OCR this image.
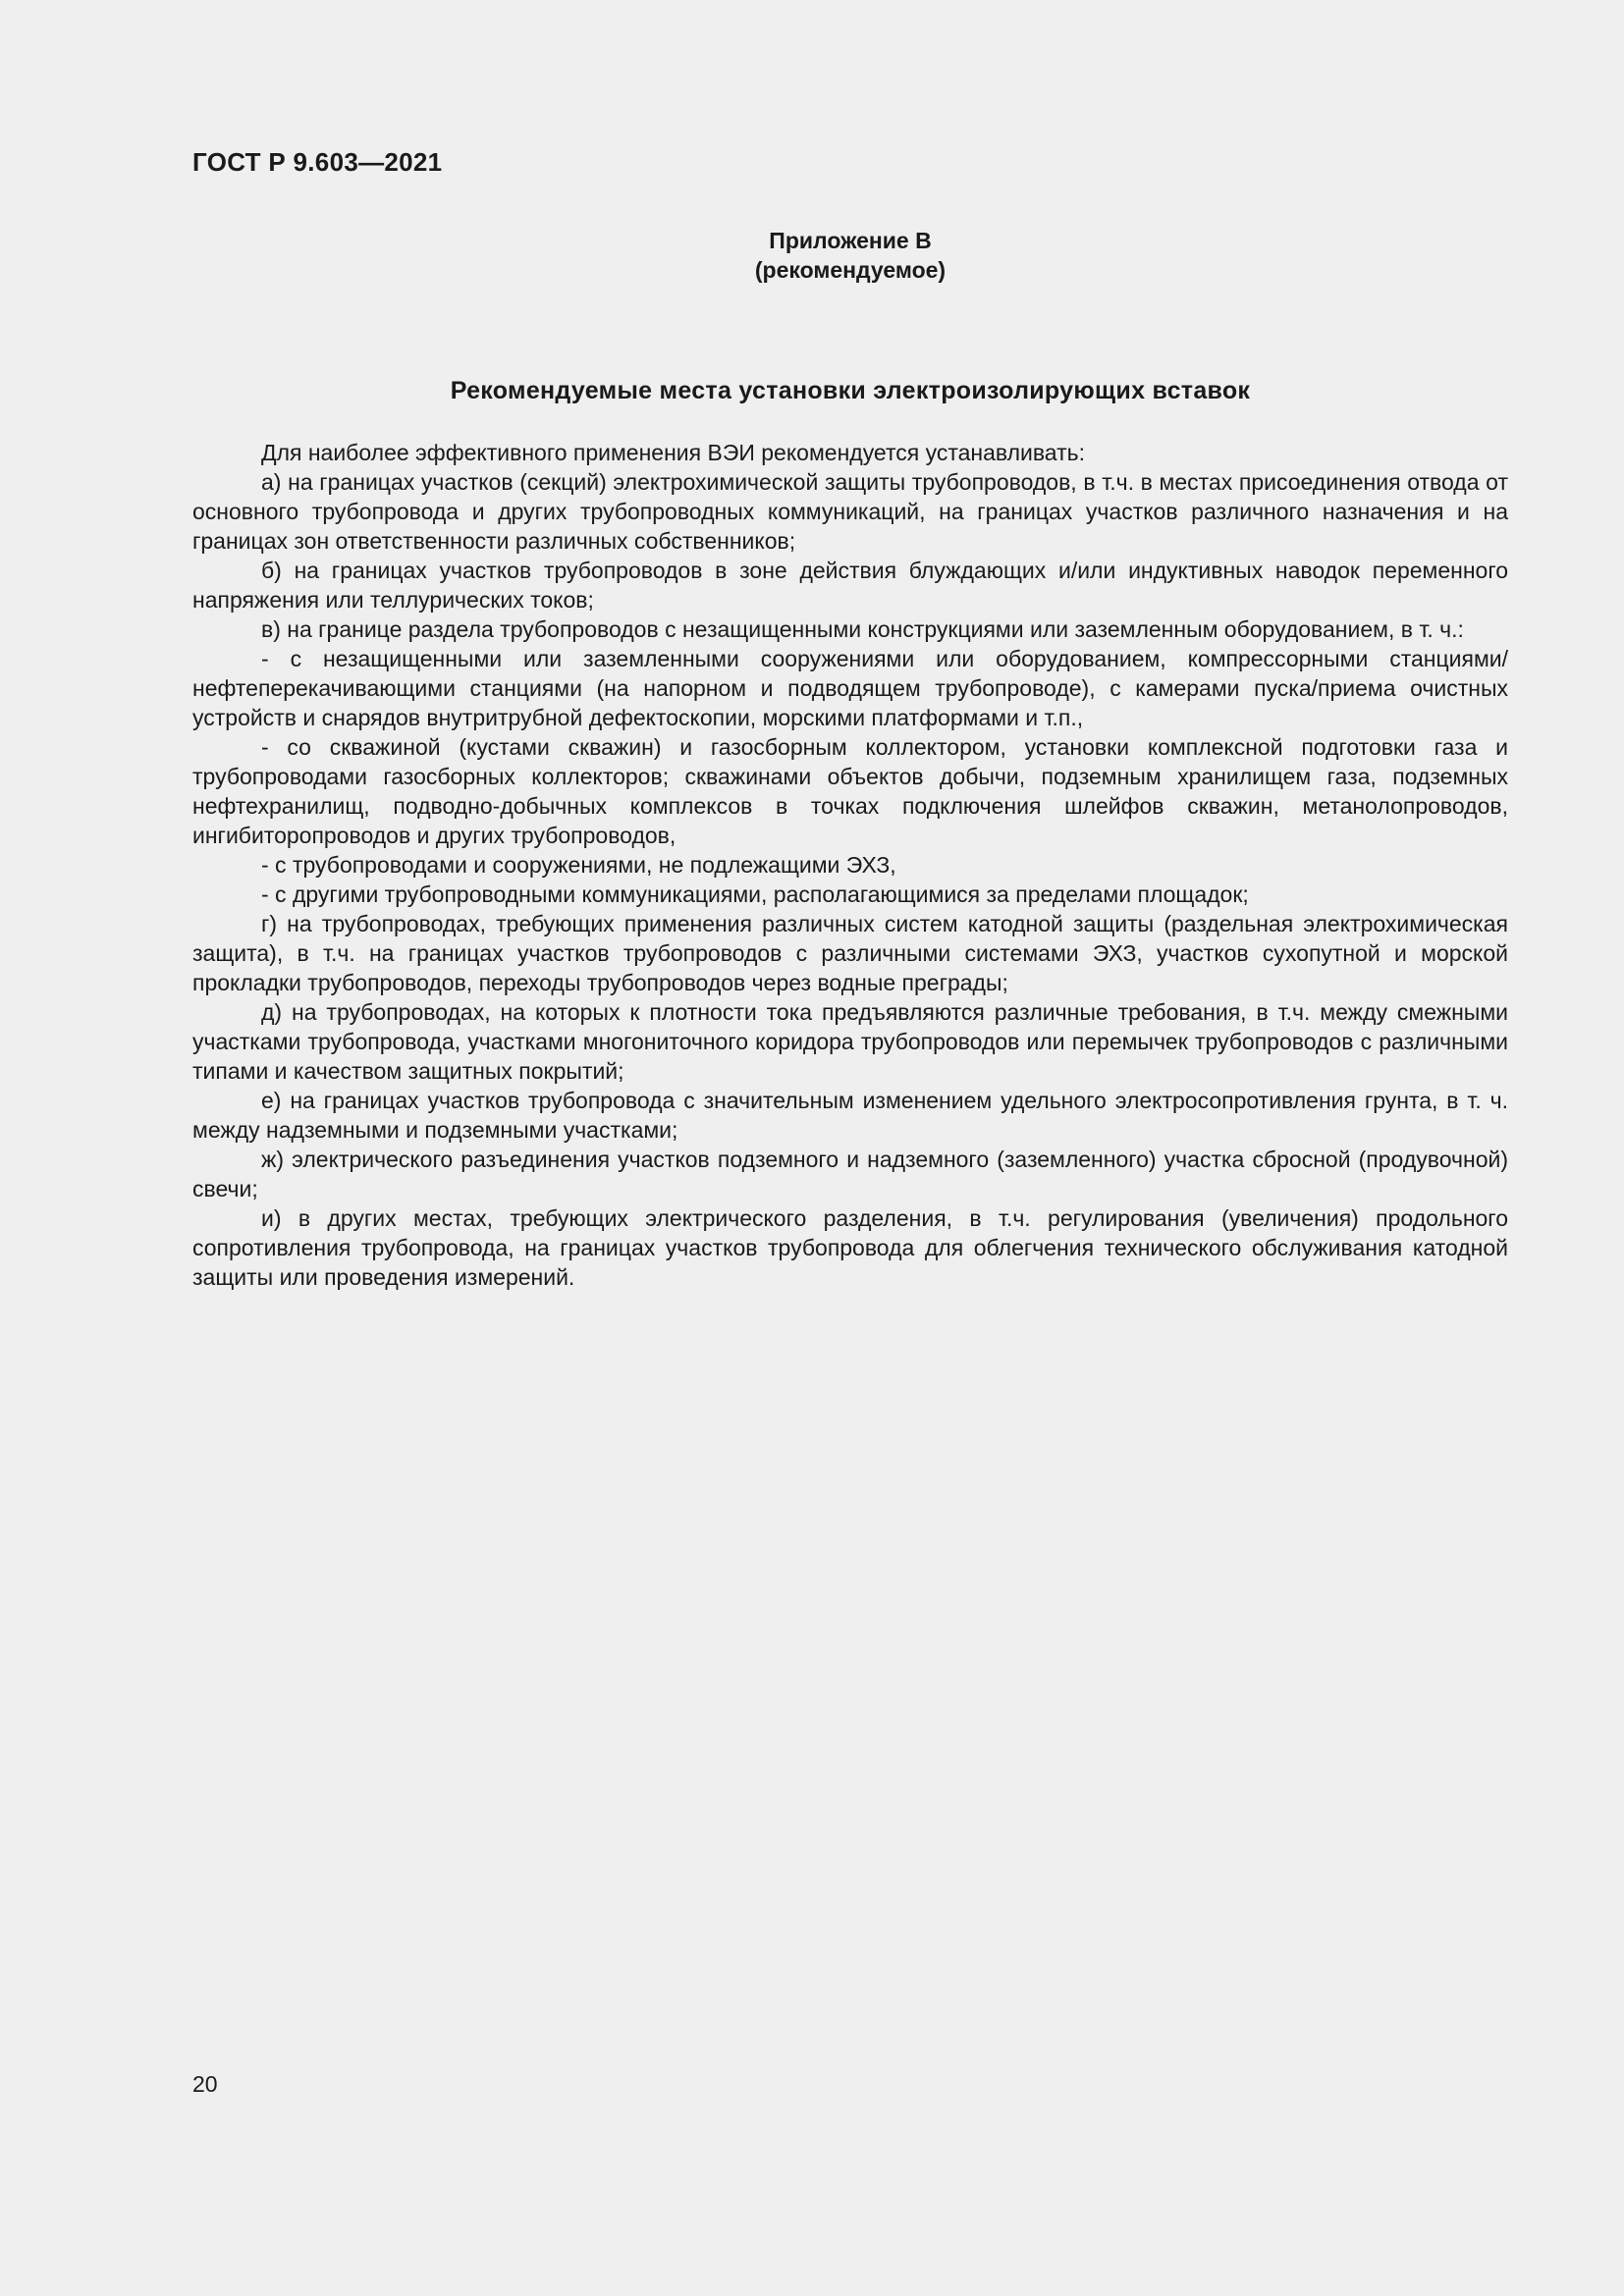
ГОСТ Р 9.603—2021
Приложение В
(рекомендуемое)
Рекомендуемые места установки электроизолирующих вставок

Для наиболее эффективного применения ВЭИ рекомендуется устанавливать:

а) на границах участков (секций) электрохимической защиты трубопроводов, в т.ч. в местах присоединения отвода от основного трубопровода и других трубопроводных коммуникаций, на границах участков различного назначения и на границах зон ответственности различных собственников;

б) на границах участков трубопроводов в зоне действия блуждающих и/или индуктивных наводок переменного напряжения или теллурических токов;

в) на границе раздела трубопроводов с незащищенными конструкциями или заземленным оборудованием, в т. ч.:

- с незащищенными или заземленными сооружениями или оборудованием, компрессорными станциями/нефтеперекачивающими станциями (на напорном и подводящем трубопроводе), с камерами пуска/приема очистных устройств и снарядов внутритрубной дефектоскопии, морскими платформами и т.п.,

- со скважиной (кустами скважин) и газосборным коллектором, установки комплексной подготовки газа и трубопроводами газосборных коллекторов; скважинами объектов добычи, подземным хранилищем газа, подземных нефтехранилищ, подводно-добычных комплексов в точках подключения шлейфов скважин, метанолопроводов, ингибиторопроводов и других трубопроводов,

- с трубопроводами и сооружениями, не подлежащими ЭХЗ,

- с другими трубопроводными коммуникациями, располагающимися за пределами площадок;

г) на трубопроводах, требующих применения различных систем катодной защиты (раздельная электрохимическая защита), в т.ч. на границах участков трубопроводов с различными системами ЭХЗ, участков сухопутной и морской прокладки трубопроводов, переходы трубопроводов через водные преграды;

д) на трубопроводах, на которых к плотности тока предъявляются различные требования, в т.ч. между смежными участками трубопровода, участками многониточного коридора трубопроводов или перемычек трубопроводов с различными типами и качеством защитных покрытий;

е) на границах участков трубопровода с значительным изменением удельного электросопротивления грунта, в т. ч. между надземными и подземными участками;

ж) электрического разъединения участков подземного и надземного (заземленного) участка сбросной (продувочной) свечи;

и) в других местах, требующих электрического разделения, в т.ч. регулирования (увеличения) продольного сопротивления трубопровода, на границах участков трубопровода для облегчения технического обслуживания катодной защиты или проведения измерений.

20
